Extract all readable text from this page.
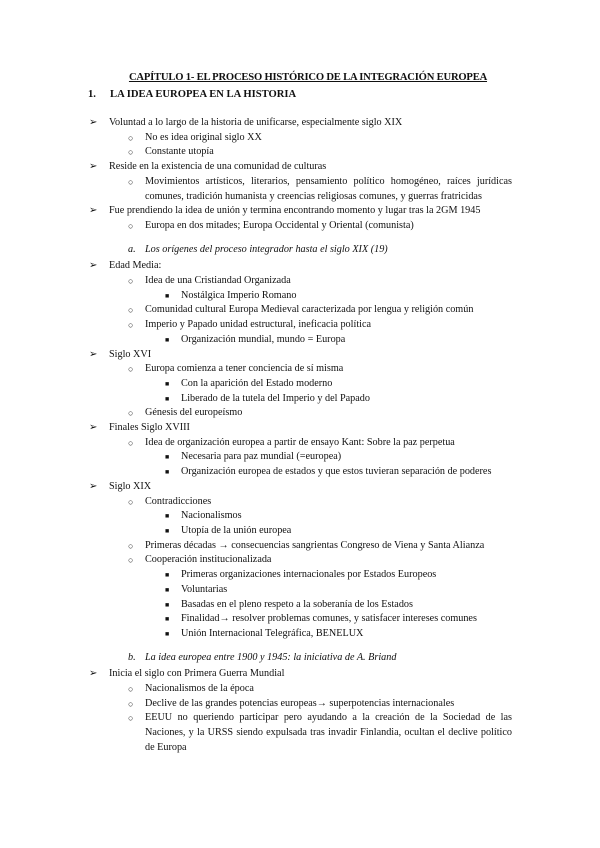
CAPÍTULO 1- EL PROCESO HISTÓRICO DE LA INTEGRACIÓN EUROPEA
1. LA IDEA EUROPEA EN LA HISTORIA
➢ Voluntad a lo largo de la historia de unificarse, especialmente siglo XIX
○ No es idea original siglo XX
○ Constante utopía
➢ Reside en la existencia de una comunidad de culturas
○ Movimientos artísticos, literarios, pensamiento político homogéneo, raíces jurídicas comunes, tradición humanista y creencias religiosas comunes, y guerras fratricidas
➢ Fue prendiendo la idea de unión y termina encontrando momento y lugar tras la 2GM 1945
○ Europa en dos mitades; Europa Occidental y Oriental (comunista)
a. Los orígenes del proceso integrador hasta el siglo XIX (19)
➢ Edad Media:
○ Idea de una Cristiandad Organizada
■ Nostálgica Imperio Romano
○ Comunidad cultural Europa Medieval caracterizada por lengua y religión común
○ Imperio y Papado unidad estructural, ineficacia política
■ Organización mundial, mundo = Europa
➢ Siglo XVI
○ Europa comienza a tener conciencia de sí misma
■ Con la aparición del Estado moderno
■ Liberado de la tutela del Imperio y del Papado
○ Génesis del europeísmo
➢ Finales Siglo XVIII
○ Idea de organización europea a partir de ensayo Kant: Sobre la paz perpetua
■ Necesaria para paz mundial (=europea)
■ Organización europea de estados y que estos tuvieran separación de poderes
➢ Siglo XIX
○ Contradicciones
■ Nacionalismos
■ Utopía de la unión europea
○ Primeras décadas → consecuencias sangrientas Congreso de Viena y Santa Alianza
○ Cooperación institucionalizada
■ Primeras organizaciones internacionales por Estados Europeos
■ Voluntarias
■ Basadas en el pleno respeto a la soberanía de los Estados
■ Finalidad→ resolver problemas comunes, y satisfacer intereses comunes
■ Unión Internacional Telegráfica, BENELUX
b. La idea europea entre 1900 y 1945: la iniciativa de A. Briand
➢ Inicia el siglo con Primera Guerra Mundial
○ Nacionalismos de la época
○ Declive de las grandes potencias europeas→ superpotencias internacionales
○ EEUU no queriendo participar pero ayudando a la creación de la Sociedad de las Naciones, y la URSS siendo expulsada tras invadir Finlandia, ocultan el declive político de Europa
